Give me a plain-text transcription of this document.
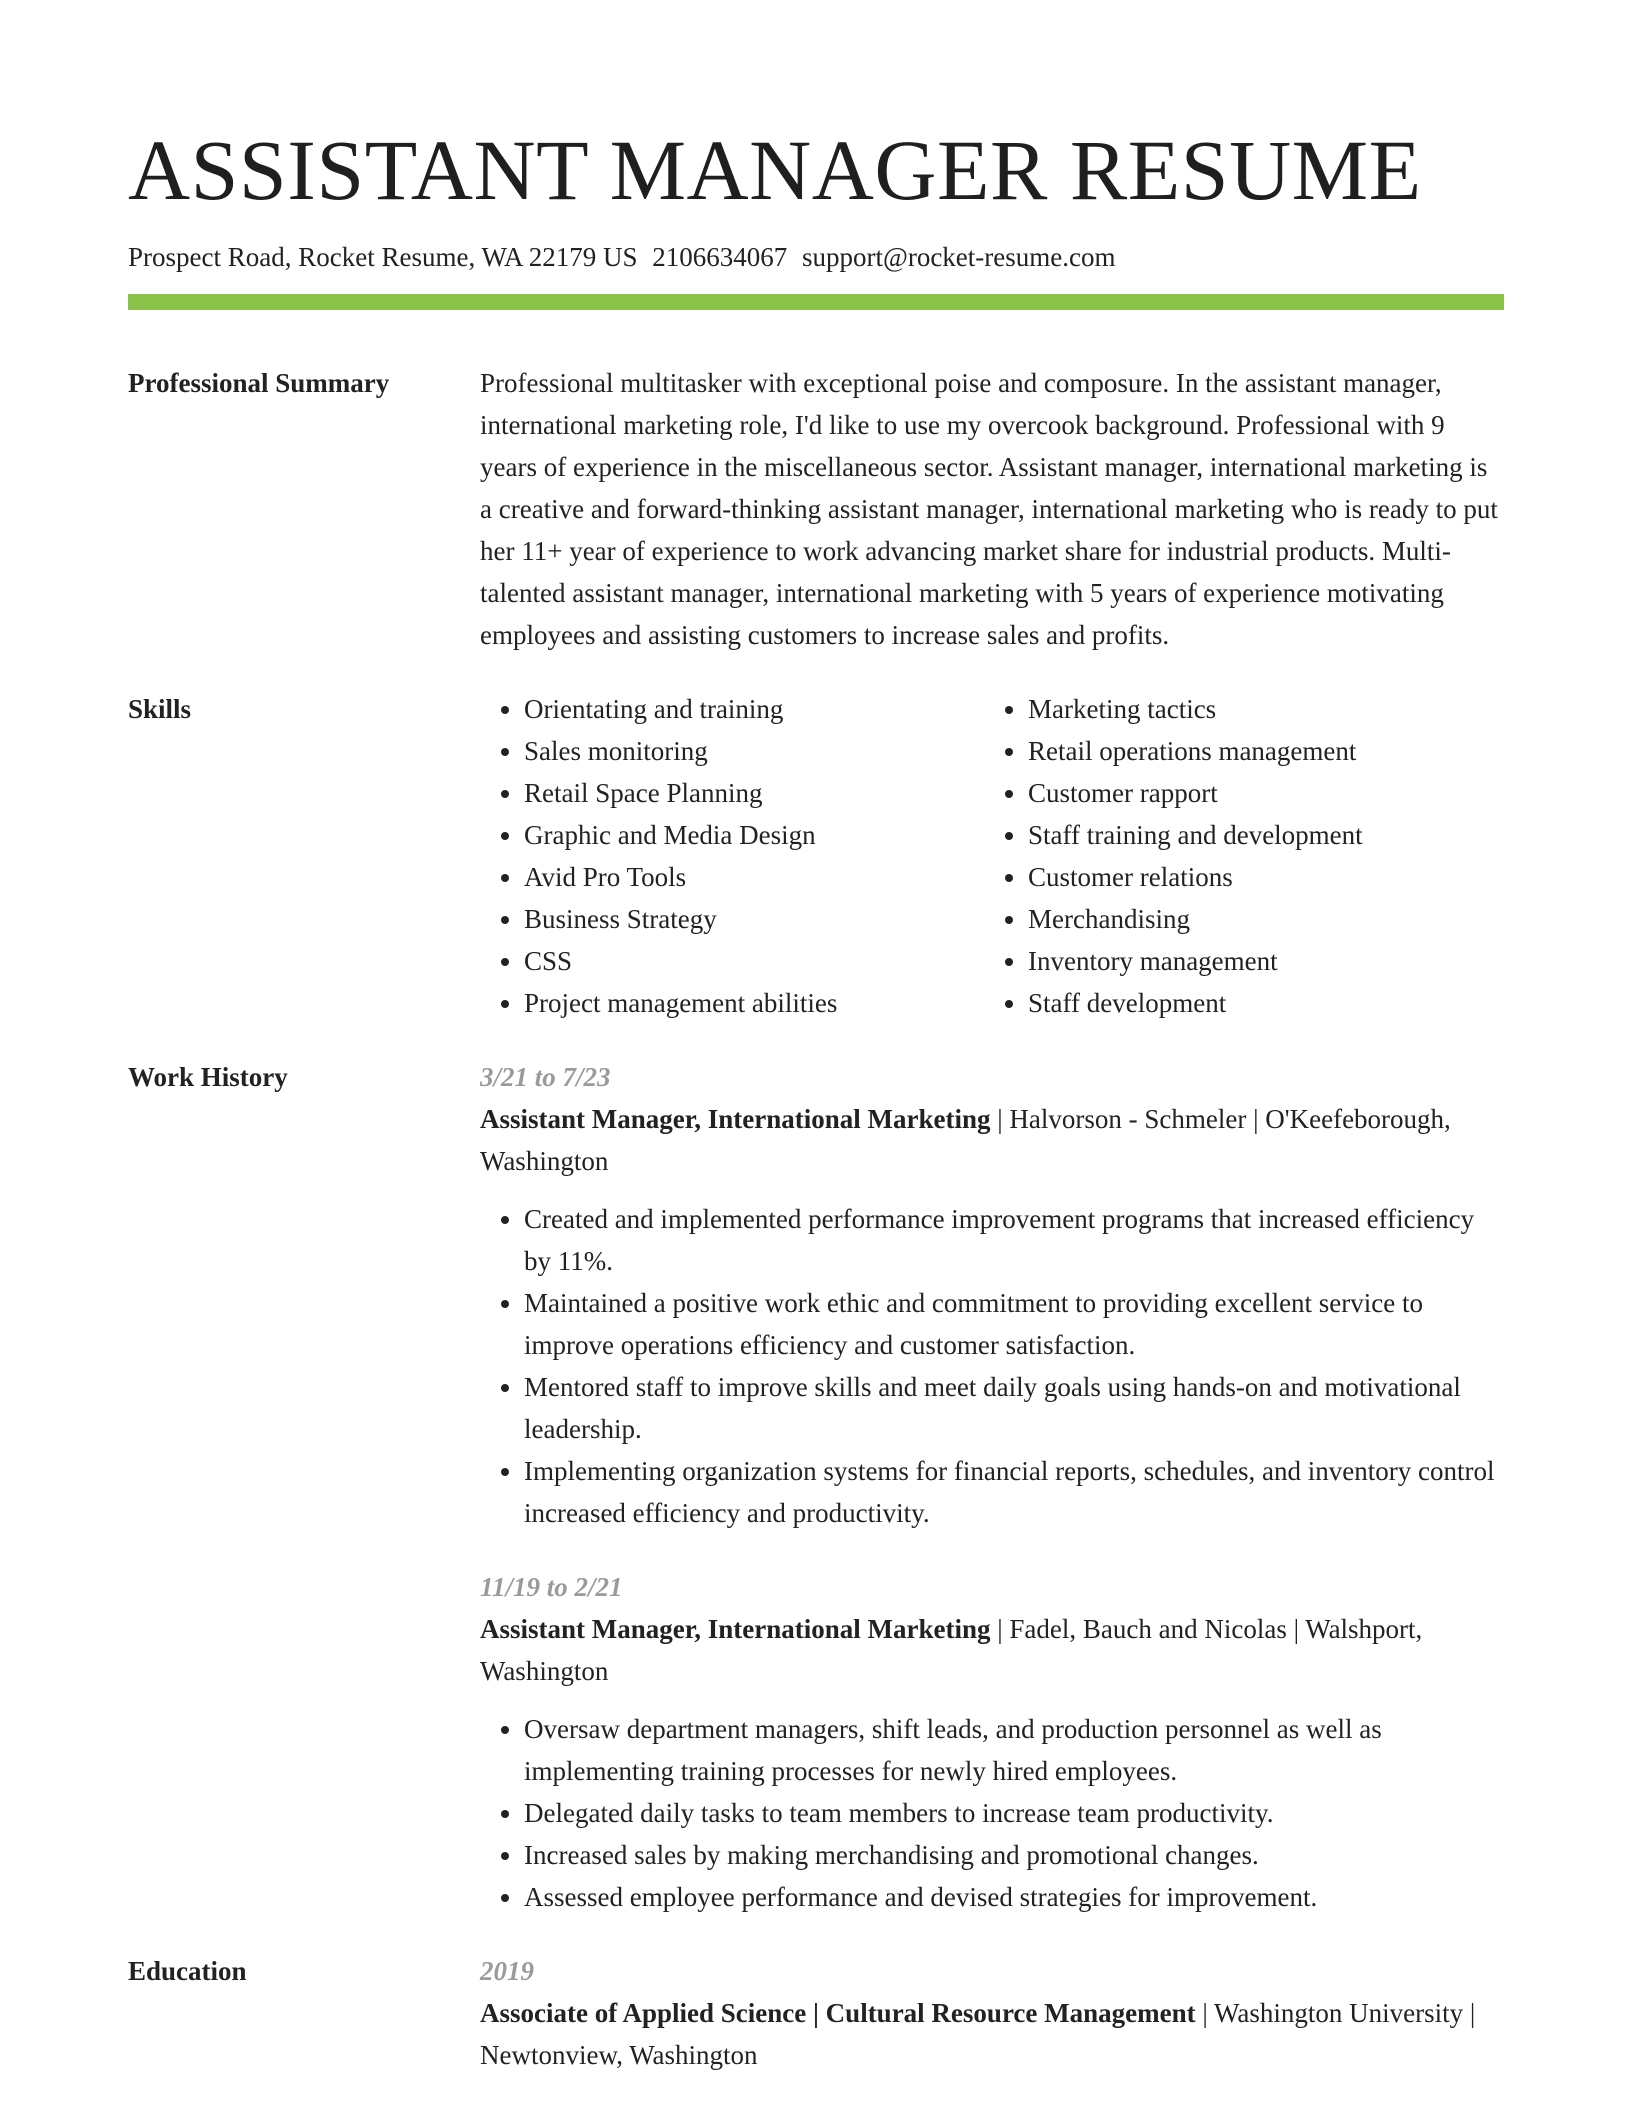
ASSISTANT MANAGER RESUME
Prospect Road, Rocket Resume, WA 22179 US 2106634067 support@rocket-resume.com
Professional Summary	Professional multitasker with exceptional poise and composure. In the assistant manager, international marketing role, I'd like to use my overcook background. Professional with 9 years of experience in the miscellaneous sector. Assistant manager, international marketing is a creative and forward-thinking assistant manager, international marketing who is ready to put her 11+ year of experience to work advancing market share for industrial products. Multi-talented assistant manager, international marketing with 5 years of experience motivating employees and assisting customers to increase sales and profits.

Skills
•	Orientating and training
• Sales monitoring
• Retail Space Planning
• Graphic and Media Design
• Avid Pro Tools
• Business Strategy
• CSS
• Project management abilities
• Marketing tactics
• Retail operations management
• Customer rapport
• Staff training and development
• Customer relations
• Merchandising
• Inventory management
• Staff development
Work History	3/21 to 7/23
Assistant Manager, International Marketing | Halvorson - Schmeler | O'Keefeborough, Washington
• Created and implemented performance improvement programs that increased efficiency by 11%.
• Maintained a positive work ethic and commitment to providing excellent service to improve operations efficiency and customer satisfaction.
• Mentored staff to improve skills and meet daily goals using hands-on and motivational leadership.
• Implementing organization systems for financial reports, schedules, and inventory control increased efficiency and productivity.
11/19 to 2/21
Assistant Manager, International Marketing | Fadel, Bauch and Nicolas | Walshport, Washington
• Oversaw department managers, shift leads, and production personnel as well as implementing training processes for newly hired employees.
• Delegated daily tasks to team members to increase team productivity.
• Increased sales by making merchandising and promotional changes.
• Assessed employee performance and devised strategies for improvement.
Education	2019
Associate of Applied Science | Cultural Resource Management | Washington University | Newtonview, Washington
